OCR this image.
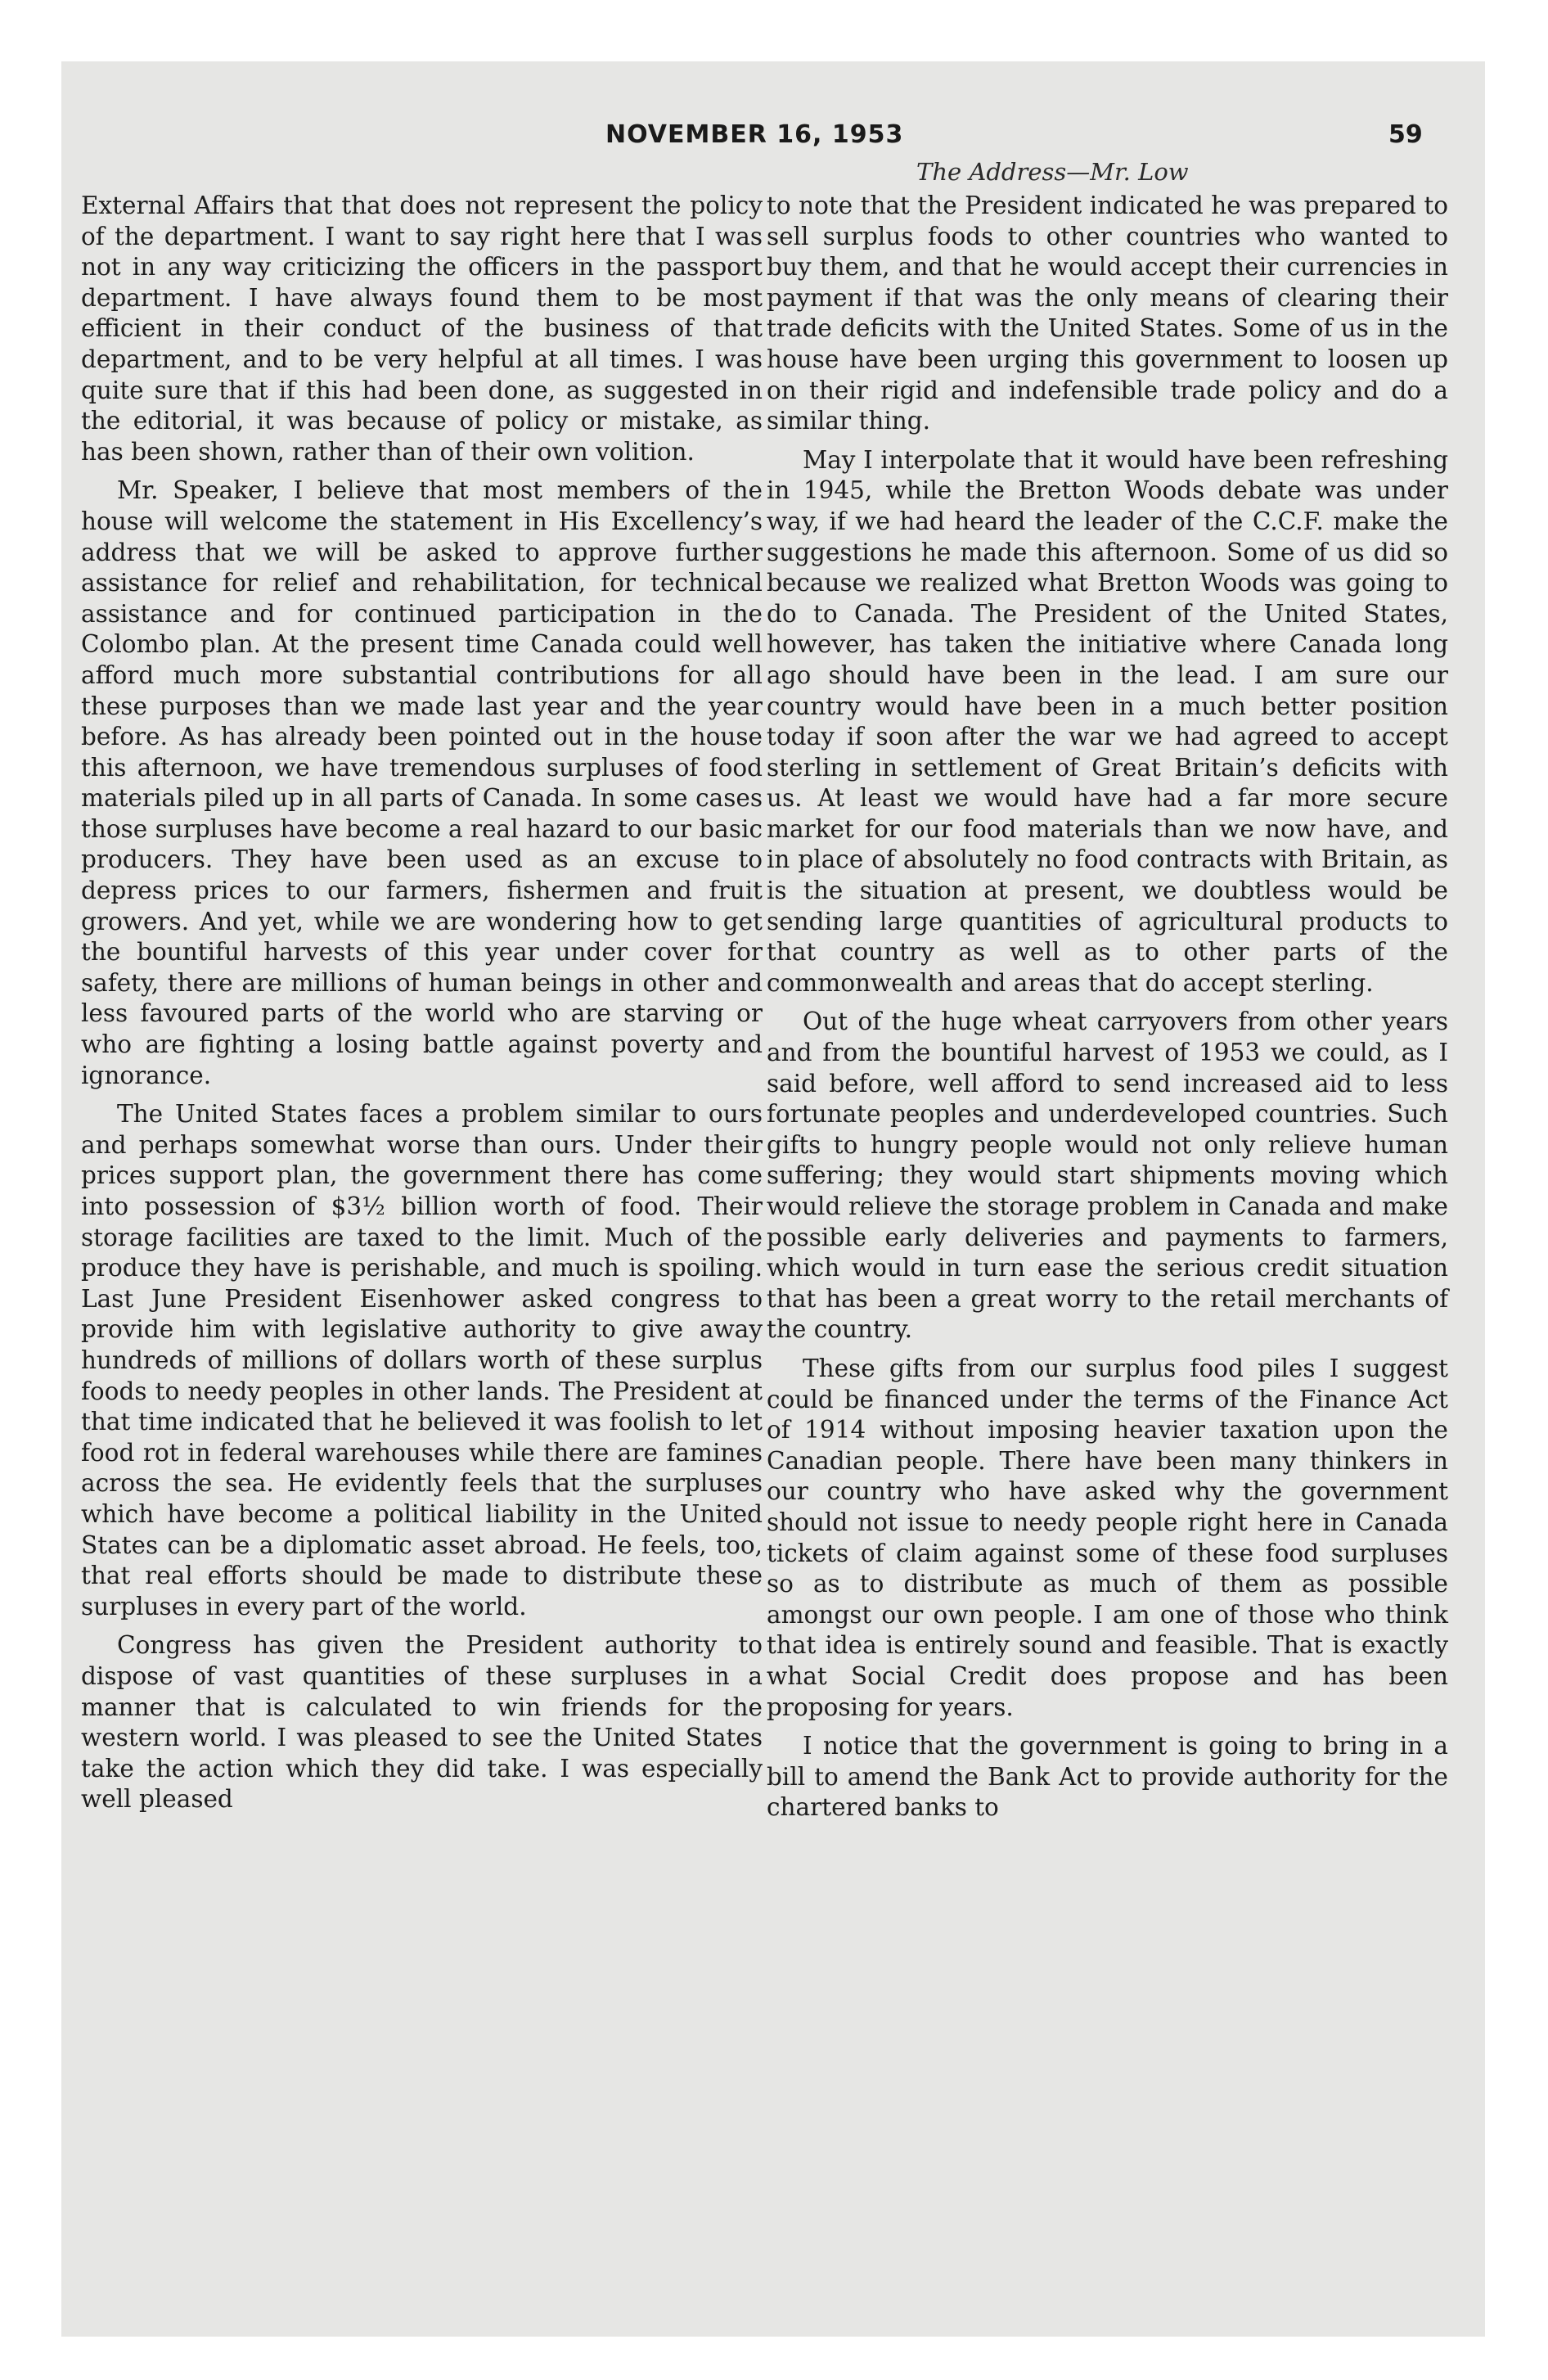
NOVEMBER 16, 1953	59
The Address—Mr. Low

External Affairs that that does not represent the policy of the department. I want to say right here that I was not in any way criticizing the officers in the passport department. I have always found them to be most efficient in their conduct of the business of that department, and to be very helpful at all times. I was quite sure that if this had been done, as suggested in the editorial, it was because of policy or mistake, as has been shown, rather than of their own volition.

Mr. Speaker, I believe that most members of the house will welcome the statement in His Excellency’s address that we will be asked to approve further assistance for relief and rehabilitation, for technical assistance and for continued participation in the Colombo plan. At the present time Canada could well afford much more substantial contributions for all these purposes than we made last year and the year before. As has already been pointed out in the house this afternoon, we have tremendous surpluses of food materials piled up in all parts of Canada. In some cases those surpluses have become a real hazard to our basic producers. They have been used as an excuse to depress prices to our farmers, fishermen and fruit growers. And yet, while we are wondering how to get the bountiful harvests of this year under cover for safety, there are millions of human beings in other and less favoured parts of the world who are starving or who are fighting a losing battle against poverty and ignorance.

The United States faces a problem similar to ours and perhaps somewhat worse than ours. Under their prices support plan, the government there has come into possession of $3½ billion worth of food. Their storage facilities are taxed to the limit. Much of the produce they have is perishable, and much is spoiling. Last June President Eisenhower asked congress to provide him with legislative authority to give away hundreds of millions of dollars worth of these surplus foods to needy peoples in other lands. The President at that time indicated that he believed it was foolish to let food rot in federal warehouses while there are famines across the sea. He evidently feels that the surpluses which have become a political liability in the United States can be a diplomatic asset abroad. He feels, too, that real efforts should be made to distribute these surpluses in every part of the world.

Congress has given the President authority to dispose of vast quantities of these surpluses in a manner that is calculated to win friends for the western world. I was pleased to see the United States take the action which they did take. I was especially well pleased

to note that the President indicated he was prepared to sell surplus foods to other countries who wanted to buy them, and that he would accept their currencies in payment if that was the only means of clearing their trade deficits with the United States. Some of us in the house have been urging this government to loosen up on their rigid and indefensible trade policy and do a similar thing.

May I interpolate that it would have been refreshing in 1945, while the Bretton Woods debate was under way, if we had heard the leader of the C.C.F. make the suggestions he made this afternoon. Some of us did so because we realized what Bretton Woods was going to do to Canada. The President of the United States, however, has taken the initiative where Canada long ago should have been in the lead. I am sure our country would have been in a much better position today if soon after the war we had agreed to accept sterling in settlement of Great Britain’s deficits with us. At least we would have had a far more secure market for our food materials than we now have, and in place of absolutely no food contracts with Britain, as is the situation at present, we doubtless would be sending large quantities of agricultural products to that country as well as to other parts of the commonwealth and areas that do accept sterling.

Out of the huge wheat carryovers from other years and from the bountiful harvest of 1953 we could, as I said before, well afford to send increased aid to less fortunate peoples and underdeveloped countries. Such gifts to hungry people would not only relieve human suffering; they would start shipments moving which would relieve the storage problem in Canada and make possible early deliveries and payments to farmers, which would in turn ease the serious credit situation that has been a great worry to the retail merchants of the country.

These gifts from our surplus food piles I suggest could be financed under the terms of the Finance Act of 1914 without imposing heavier taxation upon the Canadian people. There have been many thinkers in our country who have asked why the government should not issue to needy people right here in Canada tickets of claim against some of these food surpluses so as to distribute as much of them as possible amongst our own people. I am one of those who think that idea is entirely sound and feasible. That is exactly what Social Credit does propose and has been proposing for years.

I notice that the government is going to bring in a bill to amend the Bank Act to provide authority for the chartered banks to
